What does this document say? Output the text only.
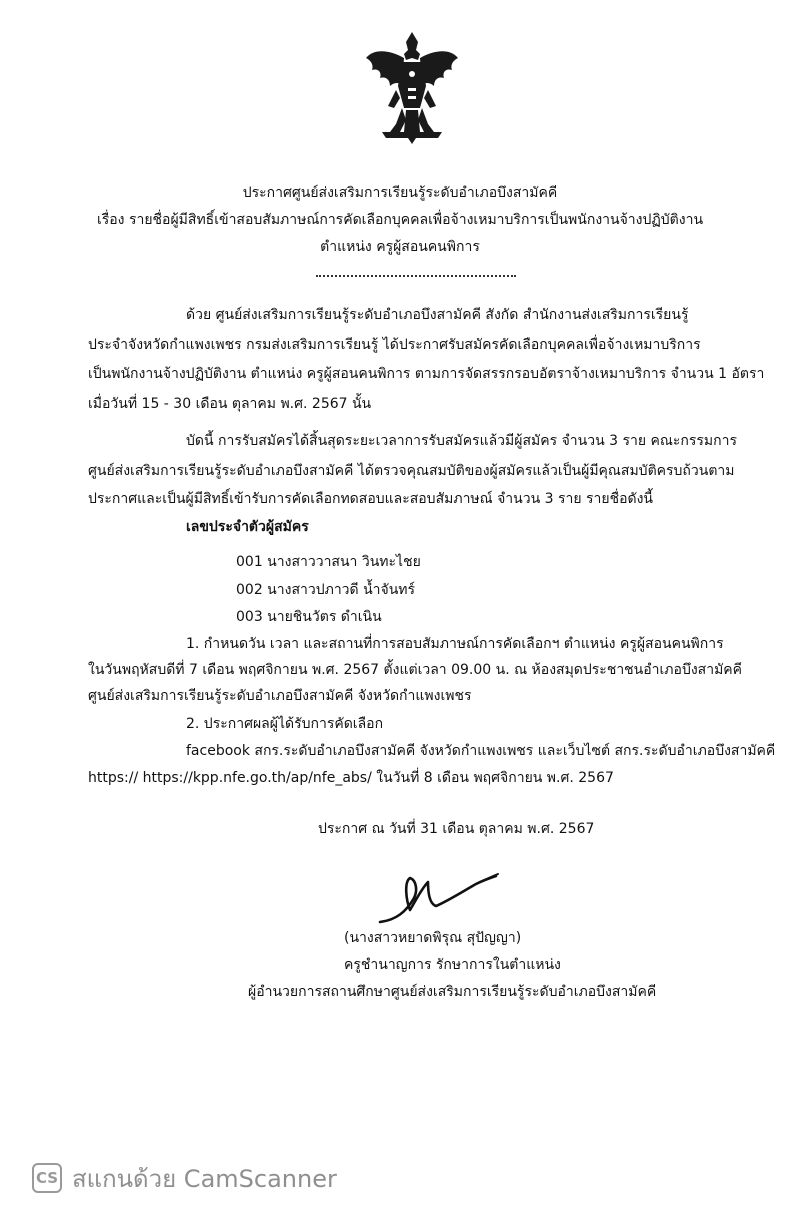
ประกาศศูนย์ส่งเสริมการเรียนรู้ระดับอำเภอบึงสามัคคี
เรื่อง รายชื่อผู้มีสิทธิ์เข้าสอบสัมภาษณ์การคัดเลือกบุคคลเพื่อจ้างเหมาบริการเป็นพนักงานจ้างปฏิบัติงาน
ตำแหน่ง ครูผู้สอนคนพิการ
ด้วย ศูนย์ส่งเสริมการเรียนรู้ระดับอำเภอบึงสามัคคี สังกัด สำนักงานส่งเสริมการเรียนรู้
ประจำจังหวัดกำแพงเพชร กรมส่งเสริมการเรียนรู้ ได้ประกาศรับสมัครคัดเลือกบุคคลเพื่อจ้างเหมาบริการ
เป็นพนักงานจ้างปฏิบัติงาน ตำแหน่ง ครูผู้สอนคนพิการ ตามการจัดสรรกรอบอัตราจ้างเหมาบริการ จำนวน 1 อัตรา
เมื่อวันที่ 15 - 30 เดือน ตุลาคม พ.ศ. 2567 นั้น
บัดนี้ การรับสมัครได้สิ้นสุดระยะเวลาการรับสมัครแล้วมีผู้สมัคร จำนวน 3 ราย คณะกรรมการ
ศูนย์ส่งเสริมการเรียนรู้ระดับอำเภอบึงสามัคคี ได้ตรวจคุณสมบัติของผู้สมัครแล้วเป็นผู้มีคุณสมบัติครบถ้วนตาม
ประกาศและเป็นผู้มีสิทธิ์เข้ารับการคัดเลือกทดสอบและสอบสัมภาษณ์ จำนวน 3 ราย รายชื่อดังนี้
เลขประจำตัวผู้สมัคร
001 นางสาววาสนา วินทะไชย
002 นางสาวปภาวดี น้ำจันทร์
003 นายชินวัตร ดำเนิน
1. กำหนดวัน เวลา และสถานที่การสอบสัมภาษณ์การคัดเลือกฯ ตำแหน่ง ครูผู้สอนคนพิการ
ในวันพฤหัสบดีที่ 7 เดือน พฤศจิกายน พ.ศ. 2567 ตั้งแต่เวลา 09.00 น. ณ ห้องสมุดประชาชนอำเภอบึงสามัคคี
ศูนย์ส่งเสริมการเรียนรู้ระดับอำเภอบึงสามัคคี จังหวัดกำแพงเพชร
2. ประกาศผลผู้ได้รับการคัดเลือก
facebook สกร.ระดับอำเภอบึงสามัคคี จังหวัดกำแพงเพชร และเว็บไซต์ สกร.ระดับอำเภอบึงสามัคคี
https:// https://kpp.nfe.go.th/ap/nfe_abs/ ในวันที่ 8 เดือน พฤศจิกายน พ.ศ. 2567
ประกาศ ณ วันที่ 31 เดือน ตุลาคม พ.ศ. 2567
(นางสาวหยาดพิรุณ สุปัญญา)
ครูชำนาญการ รักษาการในตำแหน่ง
ผู้อำนวยการสถานศึกษาศูนย์ส่งเสริมการเรียนรู้ระดับอำเภอบึงสามัคคี
CS สแกนด้วย CamScanner
